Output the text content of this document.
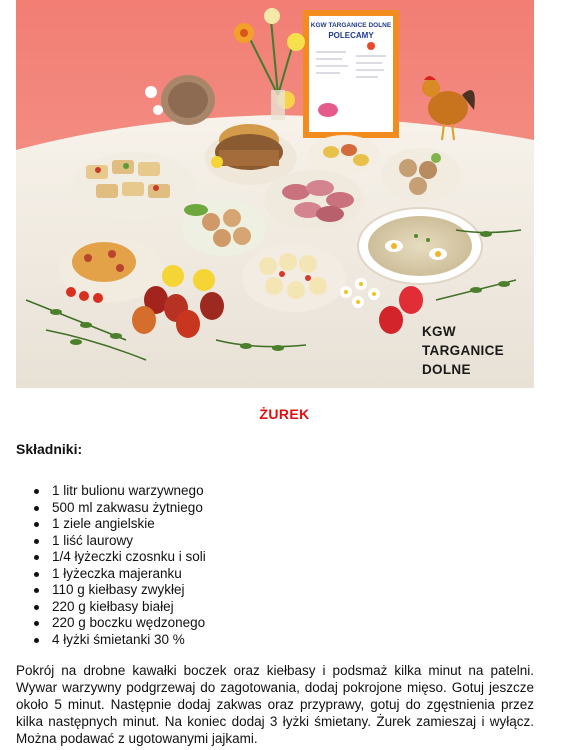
KGW TARGANICE DOLNE
POLECAMY
KGW
TARGANICE
DOLNE
ŻUREK
Składniki:
1 litr bulionu warzywnego
500 ml zakwasu żytniego
1 ziele angielskie
1 liść laurowy
1/4 łyżeczki czosnku i soli
1 łyżeczka majeranku
110 g kiełbasy zwykłej
220 g kiełbasy białej
220 g boczku wędzonego
4 łyżki śmietanki 30 %

Pokrój na drobne kawałki boczek oraz kiełbasy i podsmaż kilka minut na patelni. Wywar warzywny podgrzewaj do zagotowania, dodaj pokrojone mięso. Gotuj jeszcze około 5 minut. Następnie dodaj zakwas oraz przyprawy, gotuj do zgęstnienia przez kilka następnych minut. Na koniec dodaj 3 łyżki śmietany. Żurek zamieszaj i wyłącz. Można podawać z ugotowanymi jajkami.
